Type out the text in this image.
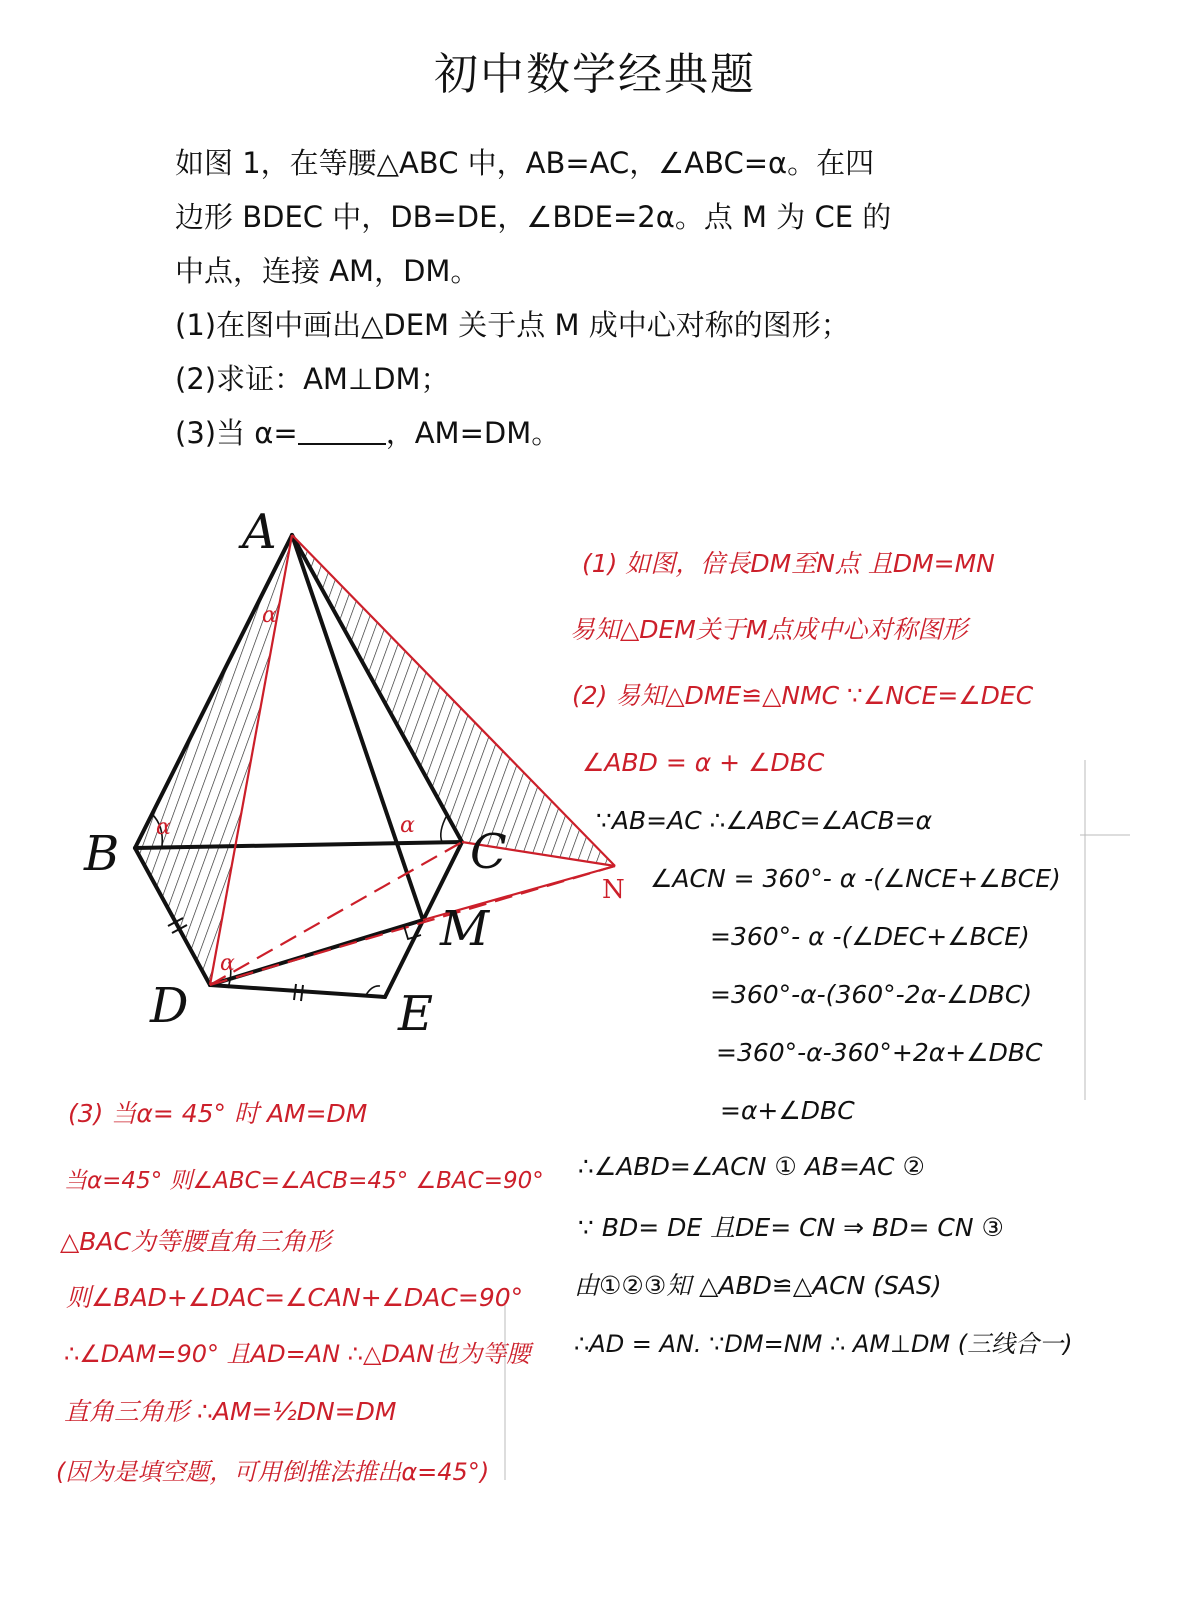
初中数学经典题
如图 1，在等腰△ABC 中，AB=AC，∠ABC=α。在四
边形 BDEC 中，DB=DE，∠BDE=2α。点 M 为 CE 的
中点，连接 AM，DM。
(1)在图中画出△DEM 关于点 M 成中心对称的图形；
(2)求证：AM⊥DM；
(3)当 α=	，AM=DM。
α	α
α
α
A
B	C
D	E
M
N
(1) 如图，倍長DM至N点 且DM=MN
易知△DEM关于M点成中心对称图形
(2) 易知△DME≌△NMC ∵∠NCE=∠DEC
∠ABD = α + ∠DBC
∵AB=AC ∴∠ABC=∠ACB=α
∠ACN = 360°- α -(∠NCE+∠BCE)
=360°- α -(∠DEC+∠BCE)
=360°-α-(360°-2α-∠DBC)
=360°-α-360°+2α+∠DBC
=α+∠DBC
∴∠ABD=∠ACN ① AB=AC ②
∵ BD= DE 且DE= CN ⇒ BD= CN ③
由①②③知 △ABD≌△ACN (SAS)
∴AD = AN. ∵DM=NM ∴ AM⊥DM (三线合一)
(3) 当α= 45° 时 AM=DM
当α=45° 则∠ABC=∠ACB=45° ∠BAC=90°
△BAC为等腰直角三角形
则∠BAD+∠DAC=∠CAN+∠DAC=90°
∴∠DAM=90° 且AD=AN ∴△DAN也为等腰
直角三角形 ∴AM=½DN=DM
(因为是填空题，可用倒推法推出α=45°)
